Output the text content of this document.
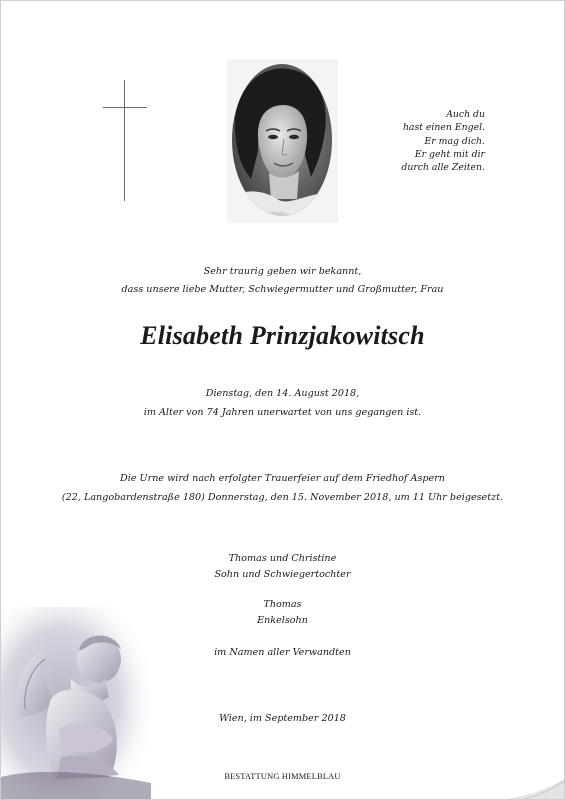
Auch du
hast einen Engel.
Er mag dich.
Er geht mit dir
durch alle Zeiten.
Sehr traurig geben wir bekannt,
dass unsere liebe Mutter, Schwiegermutter und Großmutter, Frau
Elisabeth Prinzjakowitsch
Dienstag, den 14. August 2018,
im Alter von 74 Jahren unerwartet von uns gegangen ist.
Die Urne wird nach erfolgter Trauerfeier auf dem Friedhof Aspern
(22, Langobardenstraße 180) Donnerstag, den 15. November 2018, um 11 Uhr beigesetzt.
Thomas und Christine
Sohn und Schwiegertochter
Thomas
Enkelsohn
im Namen aller Verwandten
Wien, im September 2018
BESTATTUNG HIMMELBLAU
